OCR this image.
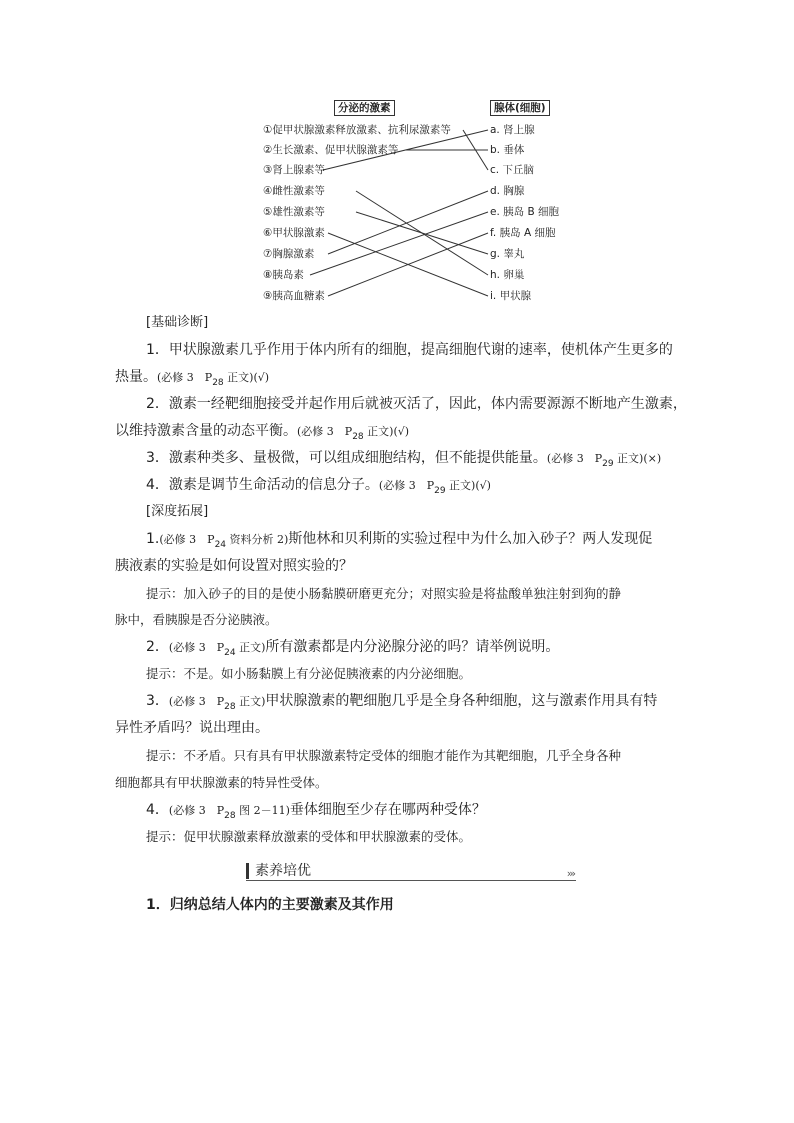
分泌的激素	腺体(细胞)
①促甲状腺激素释放激素、抗利尿激素等
②生长激素、促甲状腺激素等
③肾上腺素等
④雌性激素等
⑤雄性激素等
⑥甲状腺激素
⑦胸腺激素
⑧胰岛素
⑨胰高血糖素
a. 肾上腺
b. 垂体
c. 下丘脑
d. 胸腺
e. 胰岛 B 细胞
f. 胰岛 A 细胞
g. 睾丸
h. 卵巢
i. 甲状腺
[基础诊断]
1．甲状腺激素几乎作用于体内所有的细胞，提高细胞代谢的速率，使机体产生更多的
热量。(必修 3　$P_{28}$ 正文)(√)
2．激素一经靶细胞接受并起作用后就被灭活了，因此，体内需要源源不断地产生激素，
以维持激素含量的动态平衡。(必修 3　$P_{28}$ 正文)(√)
3．激素种类多、量极微，可以组成细胞结构，但不能提供能量。(必修 3　$P_{29}$ 正文)(×)
4．激素是调节生命活动的信息分子。(必修 3　$P_{29}$ 正文)(√)
[深度拓展]
1.(必修 3　$P_{24}$ 资料分析 2)斯他林和贝利斯的实验过程中为什么加入砂子？两人发现促
胰液素的实验是如何设置对照实验的？
提示：加入砂子的目的是使小肠黏膜研磨更充分；对照实验是将盐酸单独注射到狗的静
脉中，看胰腺是否分泌胰液。
2．(必修 3　$P_{24}$ 正文)所有激素都是内分泌腺分泌的吗？请举例说明。
提示：不是。如小肠黏膜上有分泌促胰液素的内分泌细胞。
3．(必修 3　$P_{28}$ 正文)甲状腺激素的靶细胞几乎是全身各种细胞，这与激素作用具有特
异性矛盾吗？说出理由。
提示：不矛盾。只有具有甲状腺激素特定受体的细胞才能作为其靶细胞，几乎全身各种
细胞都具有甲状腺激素的特异性受体。
4．(必修 3　$P_{28}$ 图 2－11)垂体细胞至少存在哪两种受体？
提示：促甲状腺激素释放激素的受体和甲状腺激素的受体。
素养培优	›››
1．归纳总结人体内的主要激素及其作用
